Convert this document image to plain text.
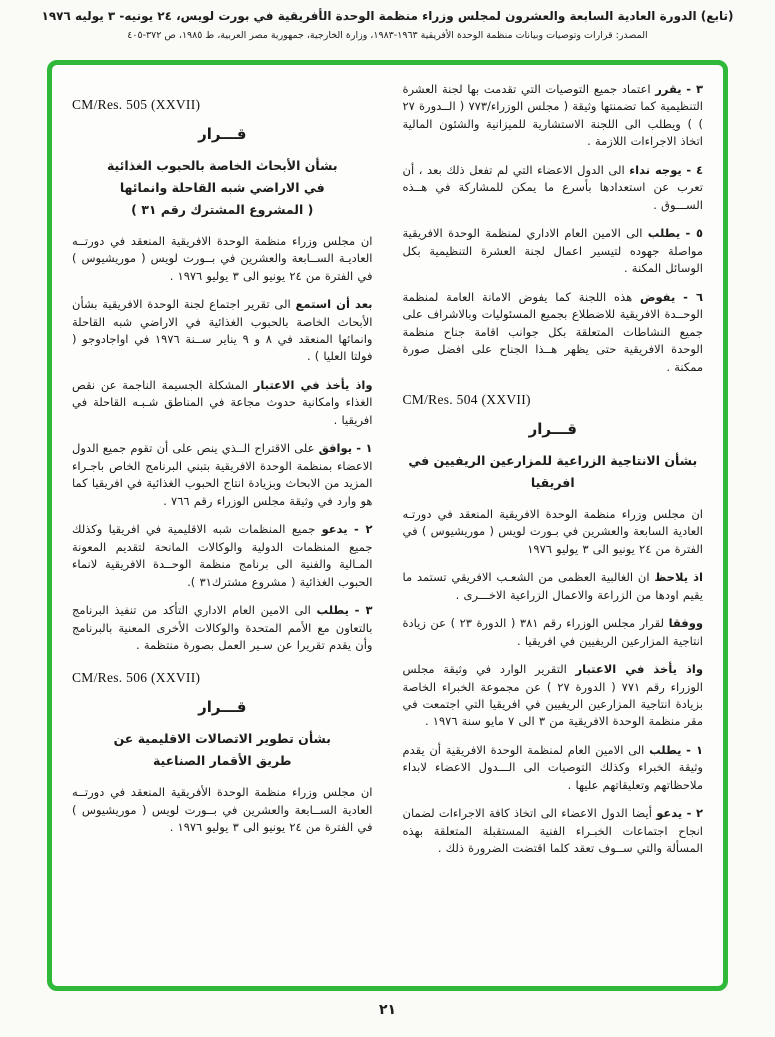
(تابع) الدورة العادية السابعة والعشرون لمجلس وزراء منظمة الوحدة الأفريقية في بورت لويس، ٢٤ يونيه- ٣ يوليه ١٩٧٦
المصدر: قرارات وتوصيات وبيانات منظمة الوحدة الأفريقية ١٩٦٣-١٩٨٣، وزارة الخارجية، جمهورية مصر العربية، ط ١٩٨٥، ص ٣٧٢-٤٠٥

٣ - يقرر اعتماد جميع التوصيات التي تقدمت بها لجنة العشرة التنظيمية كما تضمنتها وثيقة ( مجلس الوزراء/٧٧٣ ( الــدورة ٢٧ ) ) ويطلب الى اللجنة الاستشارية للميزانية والشئون المالية اتخاذ الاجراءات اللازمة .

٤ - يوجه نداء الى الدول الاعضاء التي لم تفعل ذلك بعد ، أن تعرب عن استعدادها بأسرع ما يمكن للمشاركة في هــذه الســـوق .

٥ - يطلب الى الامين العام الاداري لمنظمة الوحدة الافريقية مواصلة جهوده لتيسير اعمال لجنة العشرة التنظيمية بكل الوسائل المكنة .

٦ - يفوض هذه اللجنة كما يفوض الامانة العامة لمنظمة الوحــدة الافريقية للاضطلاع بجميع المسئوليات وبالاشراف على جميع النشاطات المتعلقة بكل جوانب اقامة جناح منظمة الوحدة الافريقية حتى يظهر هــذا الجناح على افضل صورة ممكنة .

CM/Res. 504 (XXVII)
قـــرار
بشأن الانتاجية الزراعية للمزارعين الريفيين في افريقيا

ان مجلس وزراء منظمة الوحدة الافريقية المنعقد في دورتـه العادية السابعة والعشرين في بـورت لويس ( موريشيوس ) في الفترة من ٢٤ يونيو الى ٣ يوليو ١٩٧٦

اذ يلاحظ ان الغالبية العظمى من الشعـب الافريقي تستمد ما يقيم اودها من الزراعة والاعمال الزراعية الاخـــرى .

ووفقا لقرار مجلس الوزراء رقم ٣٨١ ( الدورة ٢٣ ) عن زيادة انتاجية المزارعين الريفيين في افريقيا .

واذ يأخذ في الاعتبار التقرير الوارد في وثيقة مجلس الوزراء رقم ٧٧١ ( الدورة ٢٧ ) عن مجموعة الخبراء الخاصة بزيادة انتاجية المزارعين الريفيين في افريقيا التي اجتمعت في مقر منظمة الوحدة الافريقية من ٣ الى ٧ مايو سنة ١٩٧٦ .

١ - يطلب الى الامين العام لمنظمة الوحدة الافريقية أن يقدم وثيقة الخبراء وكذلك التوصيات الى الـــدول الاعضاء لابداء ملاحظاتهم وتعليقاتهم عليها .

٢ - يدعو أيضا الدول الاعضاء الى اتخاذ كافة الاجراءات لضمان انجاح اجتماعات الخبـراء الفنية المستقبلة المتعلقة بهذه المسألة والتي ســوف تعقد كلما اقتضت الضرورة ذلك .

CM/Res. 505 (XXVII)
قـــرار
بشأن الأبحاث الخاصة بالحبوب الغذائية
في الاراضي شبه القاحلة وانمائها
( المشروع المشترك رقم ٣١ )

ان مجلس وزراء منظمة الوحدة الافريقية المنعقد في دورتــه العاديـة الســابعة والعشرين في بــورت لويس ( موريشيوس ) في الفترة من ٢٤ يونيو الى ٣ يوليو ١٩٧٦ .

بعد أن استمع الى تقرير اجتماع لجنة الوحدة الافريقية بشأن الأبحاث الخاصة بالحبوب الغذائية في الاراضي شبه القاحلة وانمائها المنعقد في ٨ و ٩ يناير ســنة ١٩٧٦ في اواجادوجو ( فولتا العليا ) .

واذ يأخذ في الاعتبار المشكلة الجسيمة الناجمة عن نقص الغذاء وامكانية حدوث مجاعة في المناطق شـبـه القاحلة في افريقيا .

١ - يوافق على الاقتراح الــذي ينص على أن تقوم جميع الدول الاعضاء بمنظمة الوحدة الافريقية بتبني البرنامج الخاص باجـراء المزيد من الابحاث وبزيادة انتاج الحبوب الغذائية في افريقيا كما هو وارد في وثيقة مجلس الوزراء رقم ٧٦٦ .

٢ - يدعو جميع المنظمات شبه الاقليمية في افريقيا وكذلك جميع المنظمات الدولية والوكالات المانحة لتقديم المعونة المـالية والفنية الى برنامج منظمة الوحــدة الافريقية لانماء الحبوب الغذائية ( مشروع مشترك٣١ ).

٣ - يطلب الى الامين العام الاداري التأكد من تنفيذ البرنامج بالتعاون مع الأمم المتحدة والوكالات الأخرى المعنية بالبرنامج وأن يقدم تقريرا عن سـير العمل بصورة منتظمة .

CM/Res. 506 (XXVII)
قـــرار
بشأن تطوير الاتصالات الاقليمية عن
طريق الأقمار الصناعية

ان مجلس وزراء منظمة الوحدة الأفريقية المنعقد في دورتــه العادية الســابعة والعشرين في بــورت لويس ( موريشيوس ) في الفترة من ٢٤ يونيو الى ٣ يوليو ١٩٧٦ .

٢١
